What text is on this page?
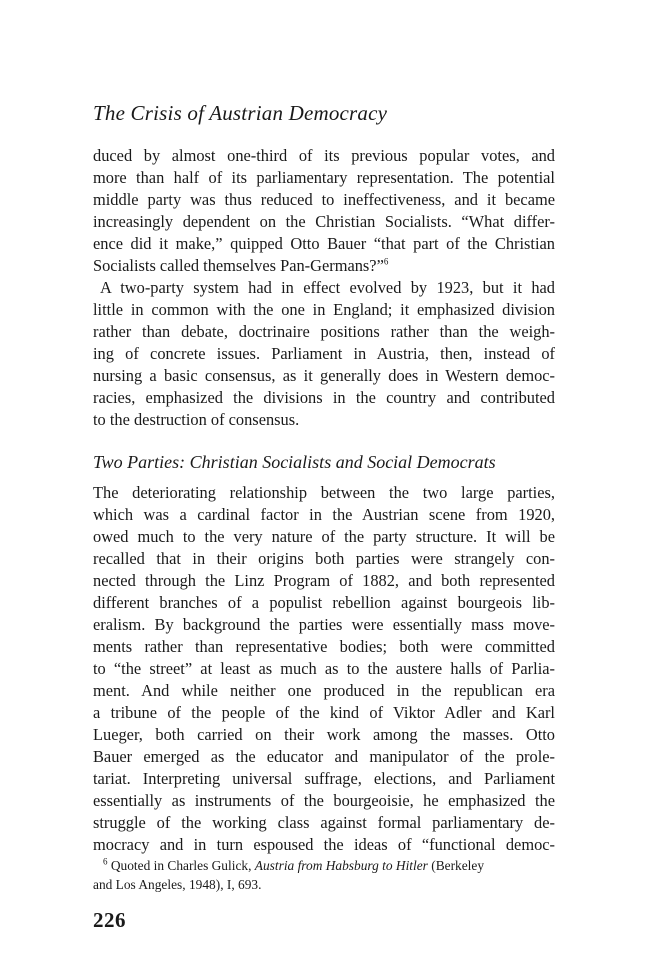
The Crisis of Austrian Democracy
duced by almost one-third of its previous popular votes, and
more than half of its parliamentary representation. The potential
middle party was thus reduced to ineffectiveness, and it became
increasingly dependent on the Christian Socialists. “What differ-
ence did it make,” quipped Otto Bauer “that part of the Christian
Socialists called themselves Pan-Germans?”$^6$
A two-party system had in effect evolved by 1923, but it had
little in common with the one in England; it emphasized division
rather than debate, doctrinaire positions rather than the weigh-
ing of concrete issues. Parliament in Austria, then, instead of
nursing a basic consensus, as it generally does in Western democ-
racies, emphasized the divisions in the country and contributed
to the destruction of consensus.
Two Parties: Christian Socialists and Social Democrats
The deteriorating relationship between the two large parties,
which was a cardinal factor in the Austrian scene from 1920,
owed much to the very nature of the party structure. It will be
recalled that in their origins both parties were strangely con-
nected through the Linz Program of 1882, and both represented
different branches of a populist rebellion against bourgeois lib-
eralism. By background the parties were essentially mass move-
ments rather than representative bodies; both were committed
to “the street” at least as much as to the austere halls of Parlia-
ment. And while neither one produced in the republican era
a tribune of the people of the kind of Viktor Adler and Karl
Lueger, both carried on their work among the masses. Otto
Bauer emerged as the educator and manipulator of the prole-
tariat. Interpreting universal suffrage, elections, and Parliament
essentially as instruments of the bourgeoisie, he emphasized the
struggle of the working class against formal parliamentary de-
mocracy and in turn espoused the ideas of “functional democ-
$^6$ Quoted in Charles Gulick, Austria from Habsburg to Hitler (Berkeley
and Los Angeles, 1948), I, 693.
226
